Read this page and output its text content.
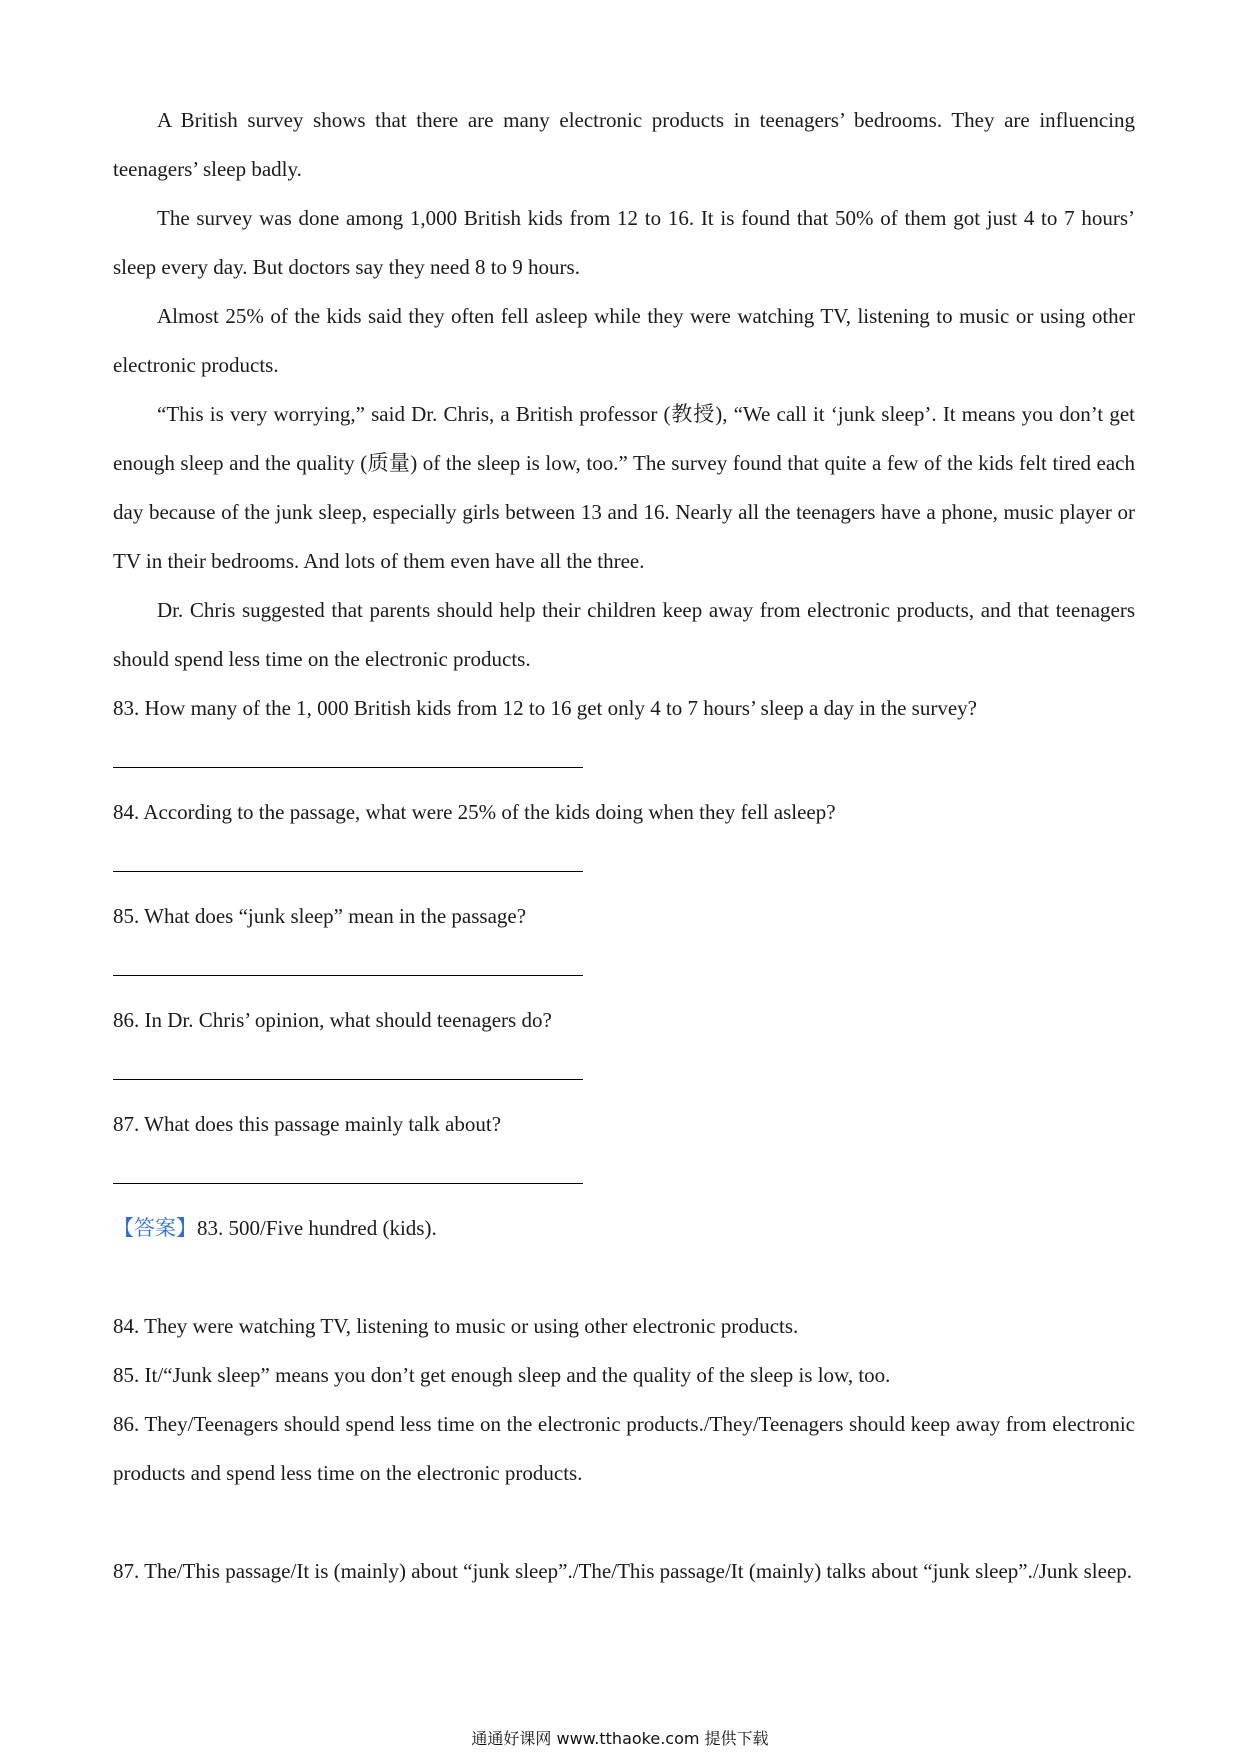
A British survey shows that there are many electronic products in teenagers’ bedrooms. They are influencing teenagers’ sleep badly.

The survey was done among 1,000 British kids from 12 to 16. It is found that 50% of them got just 4 to 7 hours’ sleep every day. But doctors say they need 8 to 9 hours.

Almost 25% of the kids said they often fell asleep while they were watching TV, listening to music or using other electronic products.

“This is very worrying,” said Dr. Chris, a British professor (教授), “We call it ‘junk sleep’. It means you don’t get enough sleep and the quality (质量) of the sleep is low, too.” The survey found that quite a few of the kids felt tired each day because of the junk sleep, especially girls between 13 and 16. Nearly all the teenagers have a phone, music player or TV in their bedrooms. And lots of them even have all the three.

Dr. Chris suggested that parents should help their children keep away from electronic products, and that teenagers should spend less time on the electronic products.

83. How many of the 1, 000 British kids from 12 to 16 get only 4 to 7 hours’ sleep a day in the survey?

84. According to the passage, what were 25% of the kids doing when they fell asleep?

85. What does “junk sleep” mean in the passage?

86. In Dr. Chris’ opinion, what should teenagers do?

87. What does this passage mainly talk about?

【答案】83. 500/Five hundred (kids).

84. They were watching TV, listening to music or using other electronic products.

85. It/“Junk sleep” means you don’t get enough sleep and the quality of the sleep is low, too.

86. They/Teenagers should spend less time on the electronic products./They/Teenagers should keep away from electronic products and spend less time on the electronic products.

87. The/This passage/It is (mainly) about “junk sleep”./The/This passage/It (mainly) talks about “junk sleep”./Junk sleep.

通通好课网 www.tthaoke.com 提供下载
